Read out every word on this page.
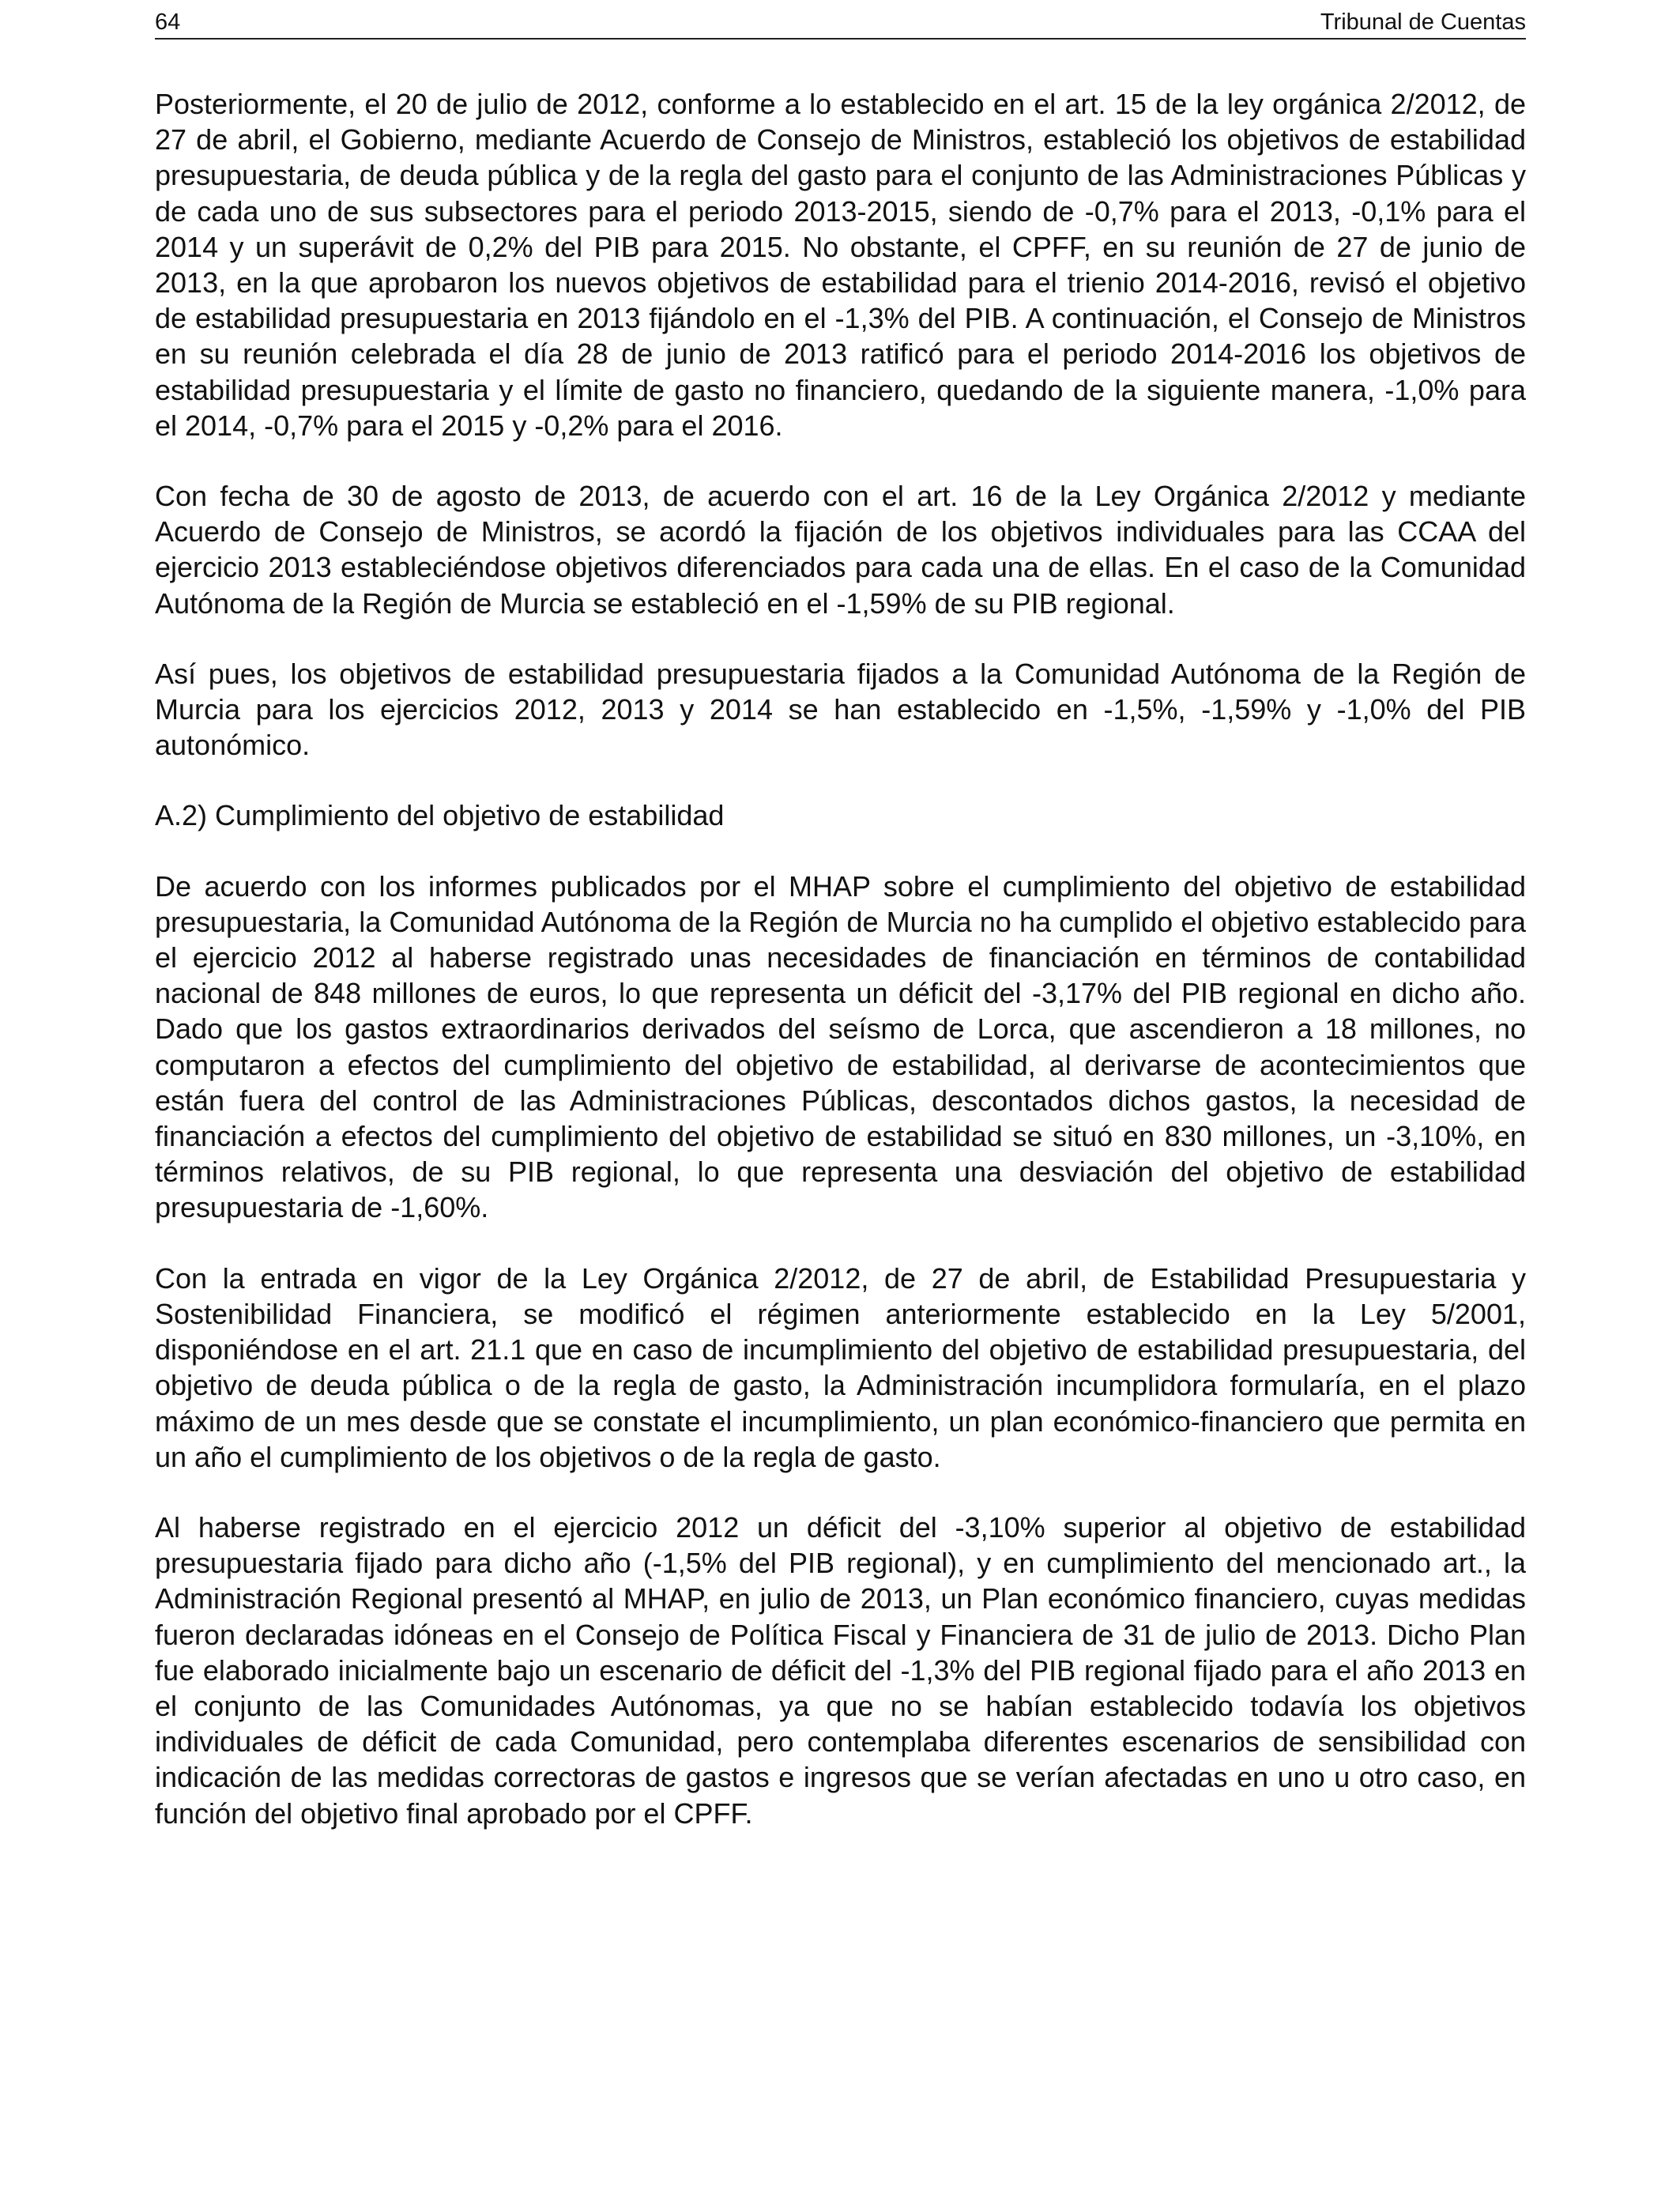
64	Tribunal de Cuentas

Posteriormente, el 20 de julio de 2012, conforme a lo establecido en el art. 15 de la ley orgánica 2/2012, de 27 de abril, el Gobierno, mediante Acuerdo de Consejo de Ministros, estableció los objetivos de estabilidad presupuestaria, de deuda pública y de la regla del gasto para el conjunto de las Administraciones Públicas y de cada uno de sus subsectores para el periodo 2013-2015, siendo de -0,7% para el 2013, -0,1% para el 2014 y un superávit de 0,2% del PIB para 2015. No obstante, el CPFF, en su reunión de 27 de junio de 2013, en la que aprobaron los nuevos objetivos de estabilidad para el trienio 2014-2016, revisó el objetivo de estabilidad presupuestaria en 2013 fijándolo en el -1,3% del PIB. A continuación, el Consejo de Ministros en su reunión celebrada el día 28 de junio de 2013 ratificó para el periodo 2014-2016 los objetivos de estabilidad presupuestaria y el límite de gasto no financiero, quedando de la siguiente manera, -1,0% para el 2014, -0,7% para el 2015 y -0,2% para el 2016.

Con fecha de 30 de agosto de 2013, de acuerdo con el art. 16 de la Ley Orgánica 2/2012 y mediante Acuerdo de Consejo de Ministros, se acordó la fijación de los objetivos individuales para las CCAA del ejercicio 2013 estableciéndose objetivos diferenciados para cada una de ellas. En el caso de la Comunidad Autónoma de la Región de Murcia se estableció en el -1,59% de su PIB regional.

Así pues, los objetivos de estabilidad presupuestaria fijados a la Comunidad Autónoma de la Región de Murcia para los ejercicios 2012, 2013 y 2014 se han establecido en -1,5%, -1,59% y -1,0% del PIB autonómico.

A.2) Cumplimiento del objetivo de estabilidad

De acuerdo con los informes publicados por el MHAP sobre el cumplimiento del objetivo de estabilidad presupuestaria, la Comunidad Autónoma de la Región de Murcia no ha cumplido el objetivo establecido para el ejercicio 2012 al haberse registrado unas necesidades de financiación en términos de contabilidad nacional de 848 millones de euros, lo que representa un déficit del -3,17% del PIB regional en dicho año. Dado que los gastos extraordinarios derivados del seísmo de Lorca, que ascendieron a 18 millones, no computaron a efectos del cumplimiento del objetivo de estabilidad, al derivarse de acontecimientos que están fuera del control de las Administraciones Públicas, descontados dichos gastos, la necesidad de financiación a efectos del cumplimiento del objetivo de estabilidad se situó en 830 millones, un -3,10%, en términos relativos, de su PIB regional, lo que representa una desviación del objetivo de estabilidad presupuestaria de -1,60%.

Con la entrada en vigor de la Ley Orgánica 2/2012, de 27 de abril, de Estabilidad Presupuestaria y Sostenibilidad Financiera, se modificó el régimen anteriormente establecido en la Ley 5/2001, disponiéndose en el art. 21.1 que en caso de incumplimiento del objetivo de estabilidad presupuestaria, del objetivo de deuda pública o de la regla de gasto, la Administración incumplidora formularía, en el plazo máximo de un mes desde que se constate el incumplimiento, un plan económico-financiero que permita en un año el cumplimiento de los objetivos o de la regla de gasto.

Al haberse registrado en el ejercicio 2012 un déficit del -3,10% superior al objetivo de estabilidad presupuestaria fijado para dicho año (-1,5% del PIB regional), y en cumplimiento del mencionado art., la Administración Regional presentó al MHAP, en julio de 2013, un Plan económico financiero, cuyas medidas fueron declaradas idóneas en el Consejo de Política Fiscal y Financiera de 31 de julio de 2013. Dicho Plan fue elaborado inicialmente bajo un escenario de déficit del -1,3% del PIB regional fijado para el año 2013 en el conjunto de las Comunidades Autónomas, ya que no se habían establecido todavía los objetivos individuales de déficit de cada Comunidad, pero contemplaba diferentes escenarios de sensibilidad con indicación de las medidas correctoras de gastos e ingresos que se verían afectadas en uno u otro caso, en función del objetivo final aprobado por el CPFF.
